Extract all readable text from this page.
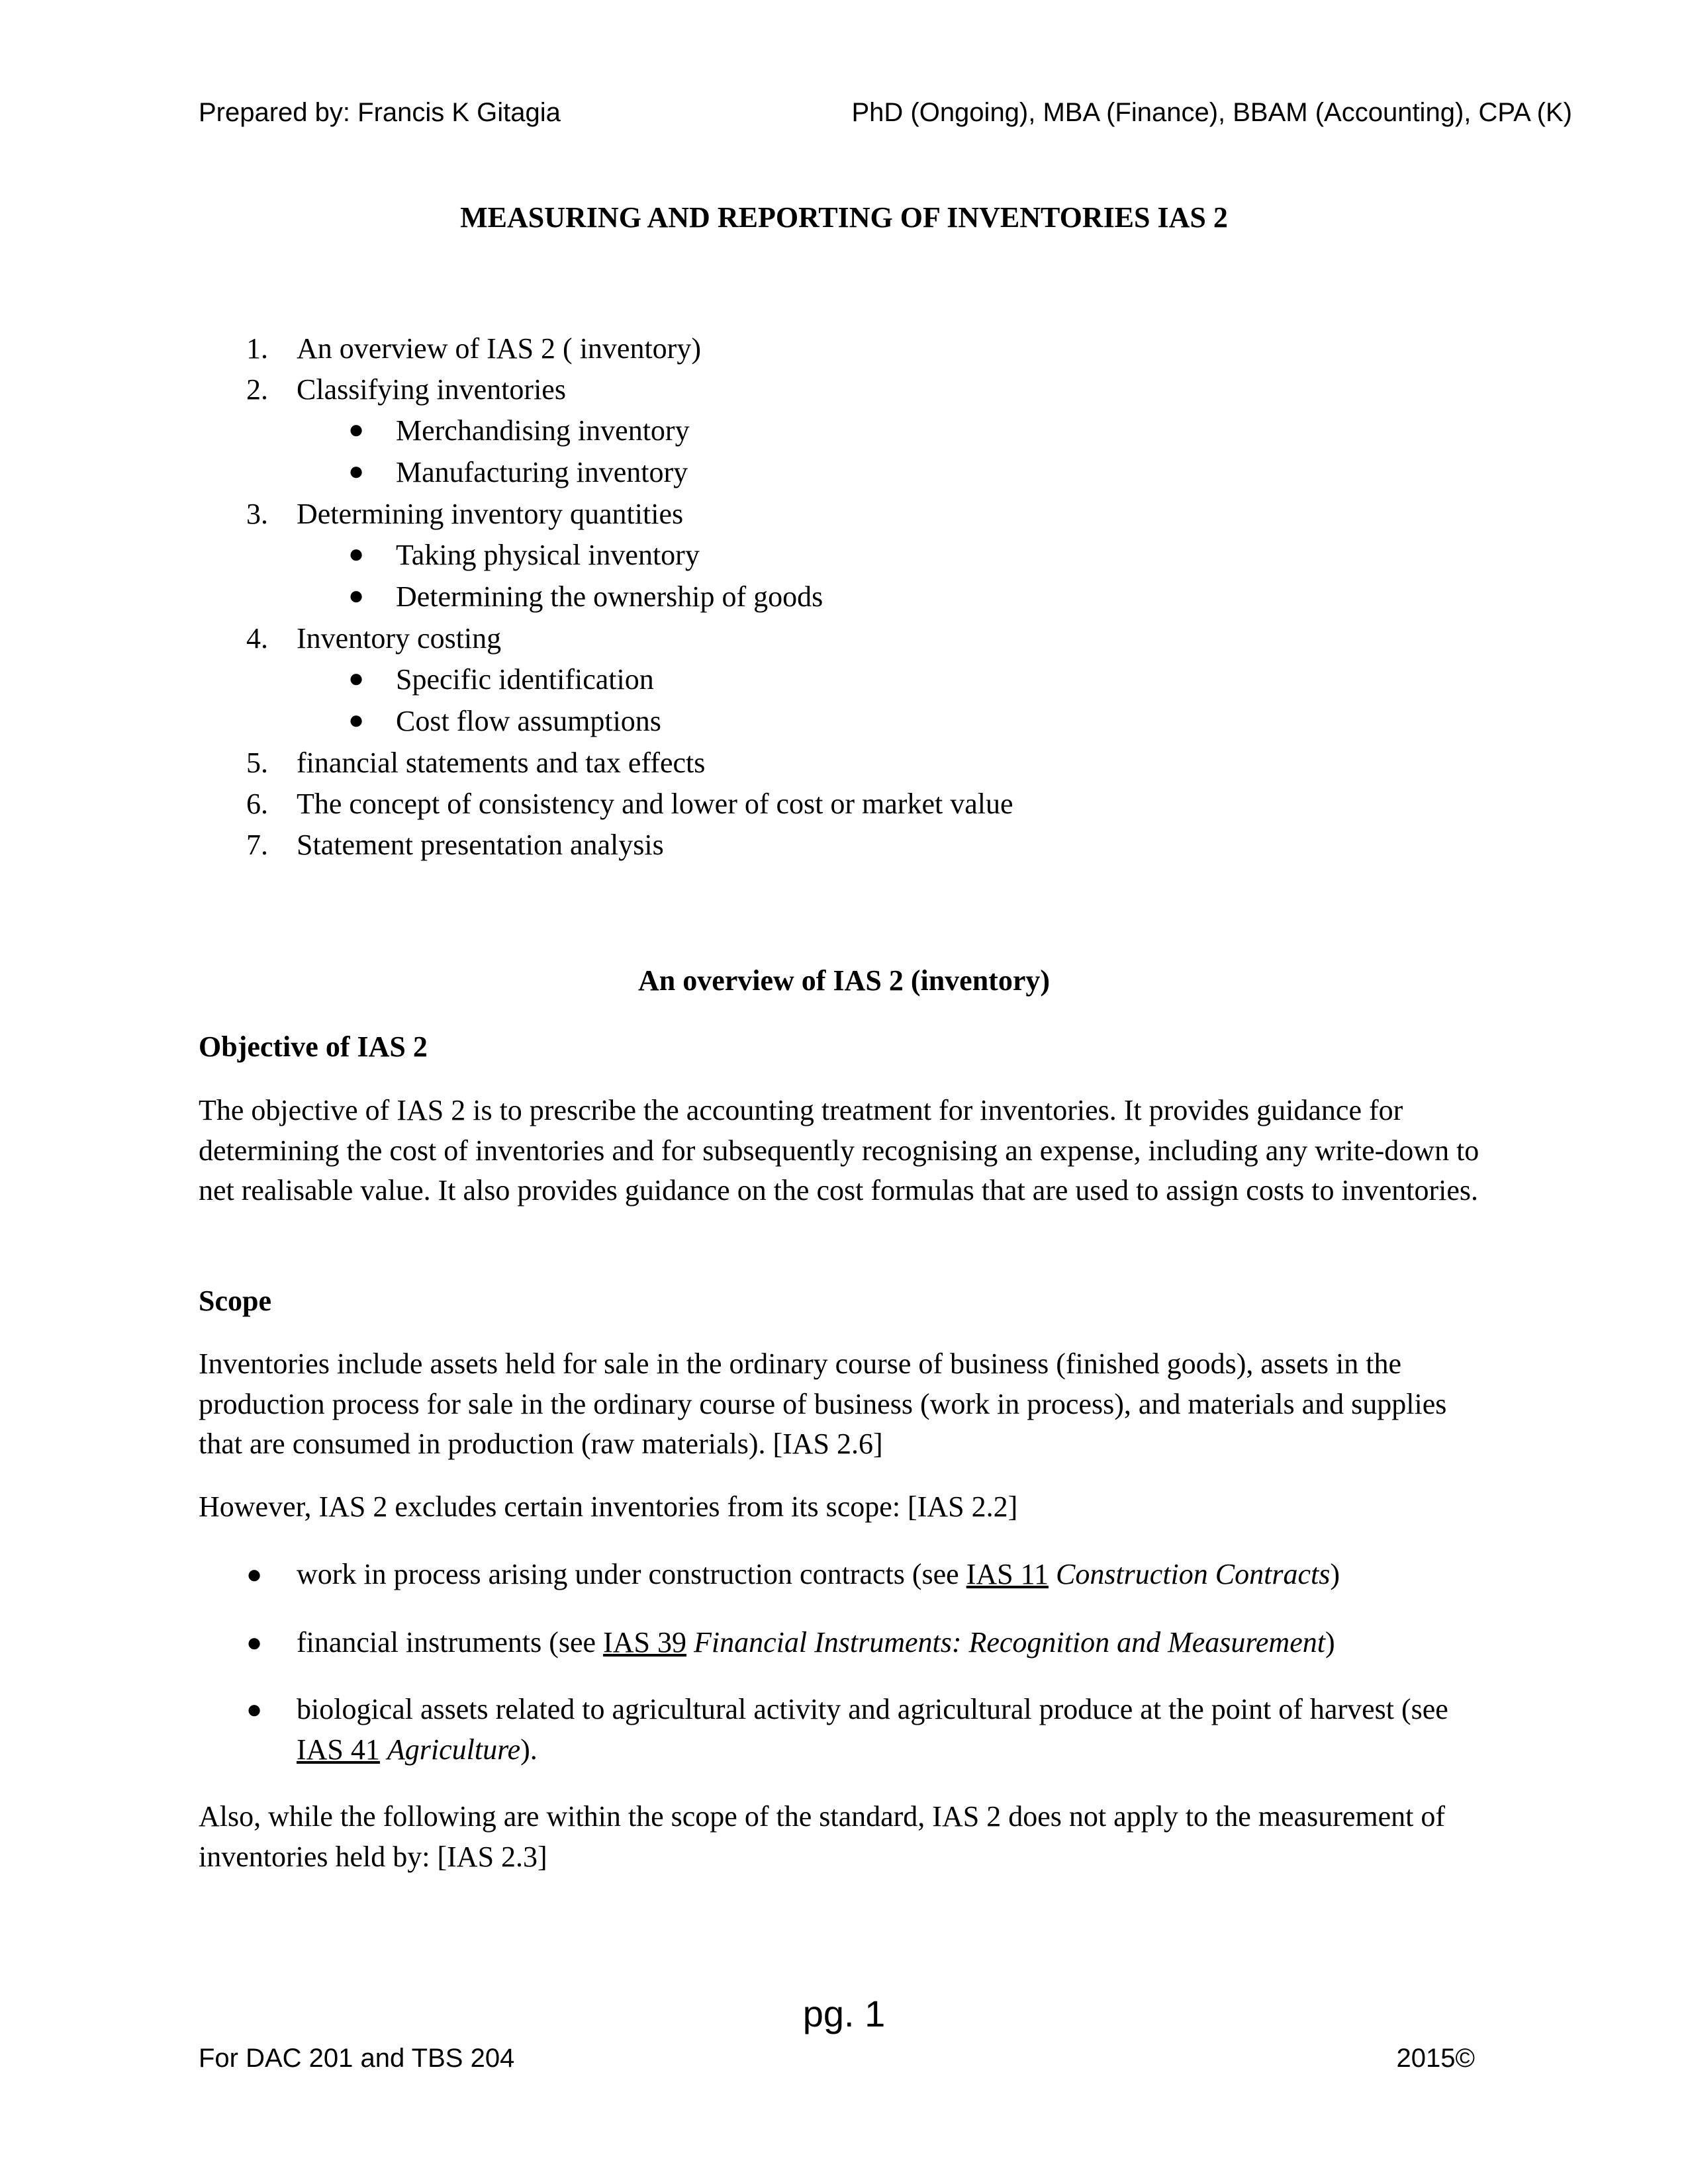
Prepared by: Francis K Gitagia	PhD (Ongoing), MBA (Finance), BBAM (Accounting), CPA (K)
MEASURING AND REPORTING OF INVENTORIES IAS 2
1. An overview of IAS 2 ( inventory)
2. Classifying inventories
● Merchandising inventory
● Manufacturing inventory
3. Determining inventory quantities
● Taking physical inventory
● Determining the ownership of goods
4. Inventory costing
● Specific identification
● Cost flow assumptions
5. financial statements and tax effects
6. The concept of consistency and lower of cost or market value
7. Statement presentation analysis
An overview of IAS 2 (inventory)
Objective of IAS 2
The objective of IAS 2 is to prescribe the accounting treatment for inventories. It provides guidance for determining the cost of inventories and for subsequently recognising an expense, including any write-down to net realisable value. It also provides guidance on the cost formulas that are used to assign costs to inventories.
Scope
Inventories include assets held for sale in the ordinary course of business (finished goods), assets in the production process for sale in the ordinary course of business (work in process), and materials and supplies that are consumed in production (raw materials). [IAS 2.6]
However, IAS 2 excludes certain inventories from its scope: [IAS 2.2]
● work in process arising under construction contracts (see IAS 11 Construction Contracts)
● financial instruments (see IAS 39 Financial Instruments: Recognition and Measurement)
● biological assets related to agricultural activity and agricultural produce at the point of harvest (see IAS 41 Agriculture).
Also, while the following are within the scope of the standard, IAS 2 does not apply to the measurement of inventories held by: [IAS 2.3]
pg. 1
For DAC 201 and TBS 204	2015©
